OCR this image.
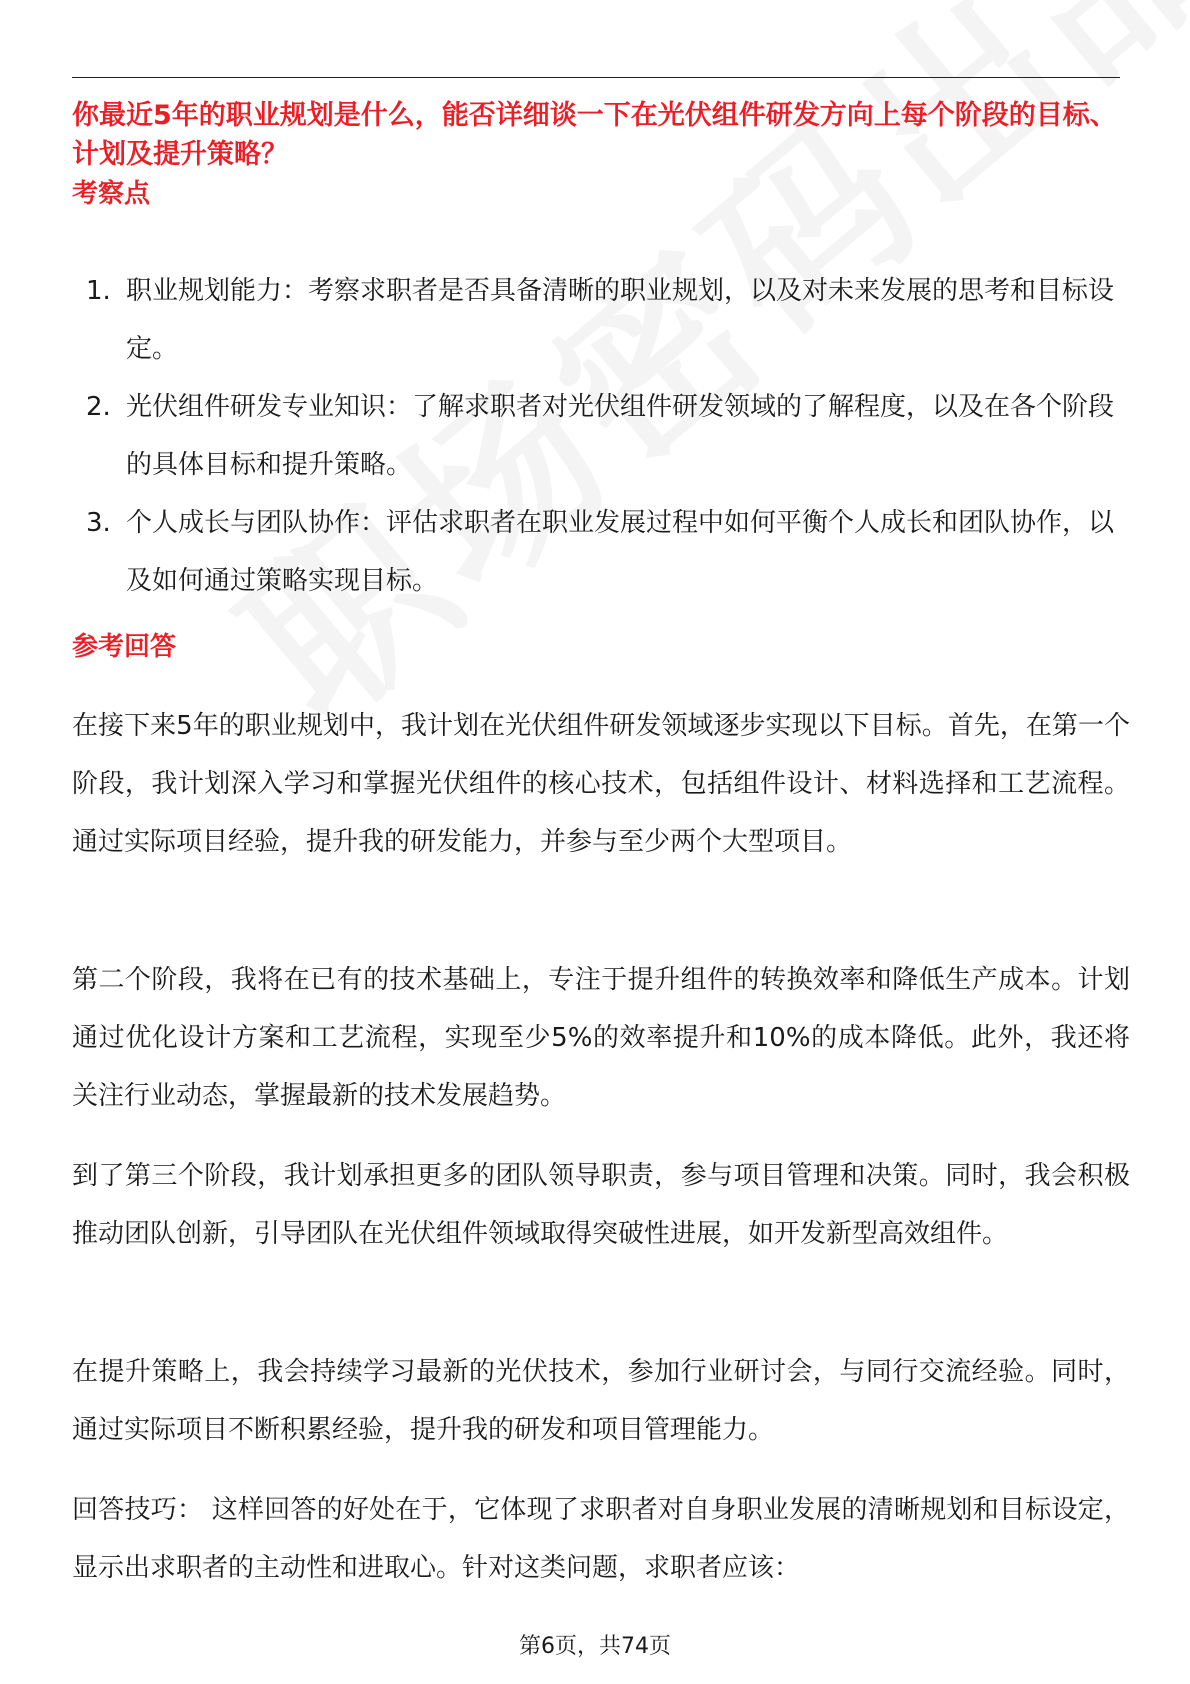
你最近5年的职业规划是什么，能否详细谈一下在光伏组件研发方向上每个阶段的目标、计划及提升策略？
考察点
1. 职业规划能力：考察求职者是否具备清晰的职业规划，以及对未来发展的思考和目标设定。
2. 光伏组件研发专业知识：了解求职者对光伏组件研发领域的了解程度，以及在各个阶段的具体目标和提升策略。
3. 个人成长与团队协作：评估求职者在职业发展过程中如何平衡个人成长和团队协作，以及如何通过策略实现目标。
参考回答

在接下来5年的职业规划中，我计划在光伏组件研发领域逐步实现以下目标。首先，在第一个阶段，我计划深入学习和掌握光伏组件的核心技术，包括组件设计、材料选择和工艺流程。通过实际项目经验，提升我的研发能力，并参与至少两个大型项目。

第二个阶段，我将在已有的技术基础上，专注于提升组件的转换效率和降低生产成本。计划通过优化设计方案和工艺流程，实现至少5%的效率提升和10%的成本降低。此外，我还将关注行业动态，掌握最新的技术发展趋势。

到了第三个阶段，我计划承担更多的团队领导职责，参与项目管理和决策。同时，我会积极推动团队创新，引导团队在光伏组件领域取得突破性进展，如开发新型高效组件。

在提升策略上，我会持续学习最新的光伏技术，参加行业研讨会，与同行交流经验。同时，通过实际项目不断积累经验，提升我的研发和项目管理能力。

回答技巧： 这样回答的好处在于，它体现了求职者对自身职业发展的清晰规划和目标设定，显示出求职者的主动性和进取心。针对这类问题，求职者应该：

第6页，共74页
